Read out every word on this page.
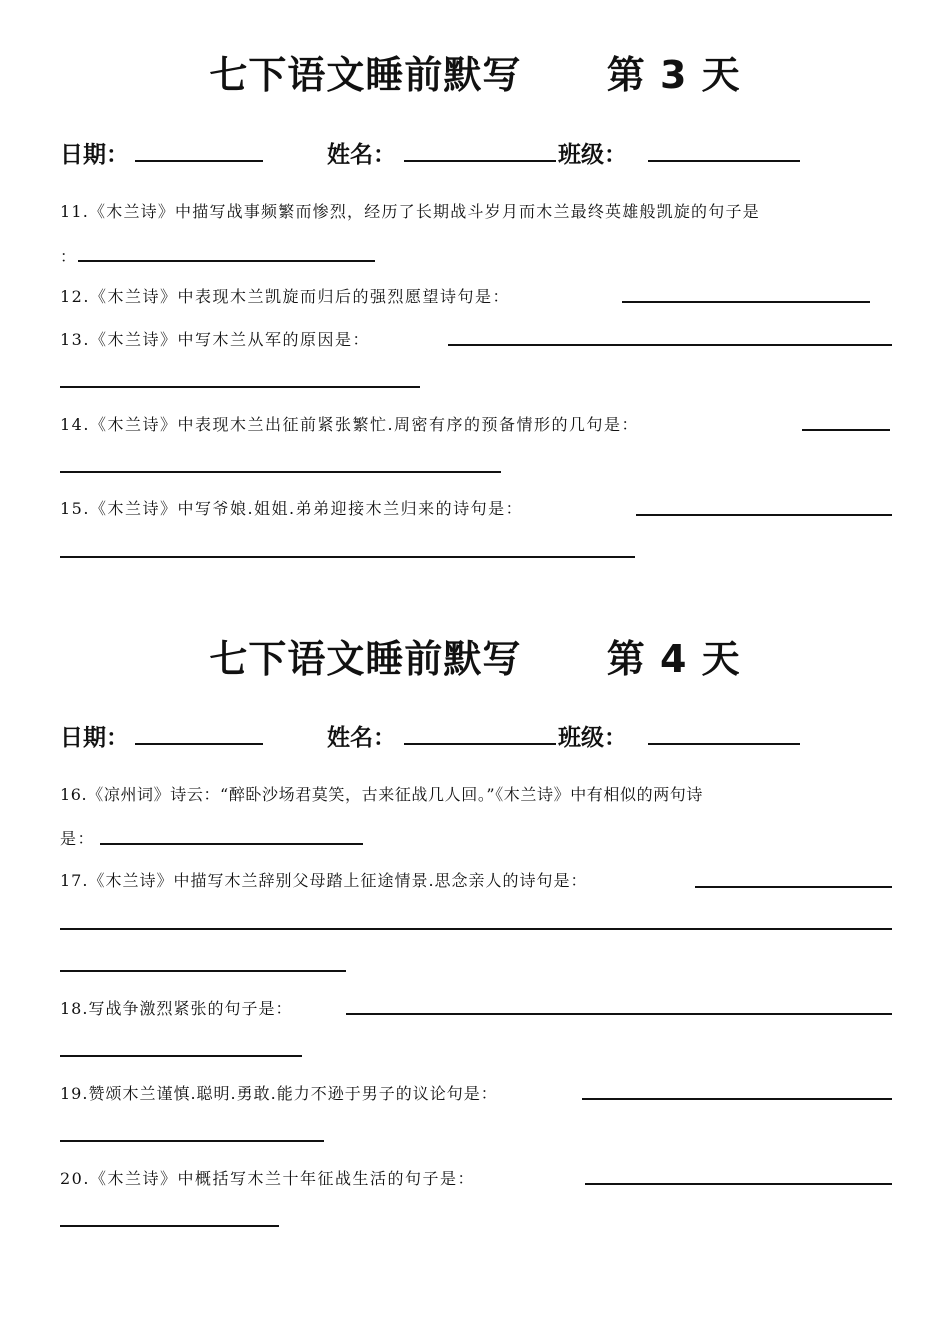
七下语文睡前默写      第 3 天
日期：	姓名：	班级：
11.《木兰诗》中描写战事频繁而惨烈，经历了长期战斗岁月而木兰最终英雄般凯旋的句子是
：
12.《木兰诗》中表现木兰凯旋而归后的强烈愿望诗句是：
13.《木兰诗》中写木兰从军的原因是：
14.《木兰诗》中表现木兰出征前紧张繁忙.周密有序的预备情形的几句是：
15.《木兰诗》中写爷娘.姐姐.弟弟迎接木兰归来的诗句是：
七下语文睡前默写      第 4 天
日期：	姓名：	班级：
16.《凉州词》诗云：“醉卧沙场君莫笑，古来征战几人回。”《木兰诗》中有相似的两句诗
是：
17.《木兰诗》中描写木兰辞别父母踏上征途情景.思念亲人的诗句是：
18.写战争激烈紧张的句子是：
19.赞颂木兰谨慎.聪明.勇敢.能力不逊于男子的议论句是：
20.《木兰诗》中概括写木兰十年征战生活的句子是：
